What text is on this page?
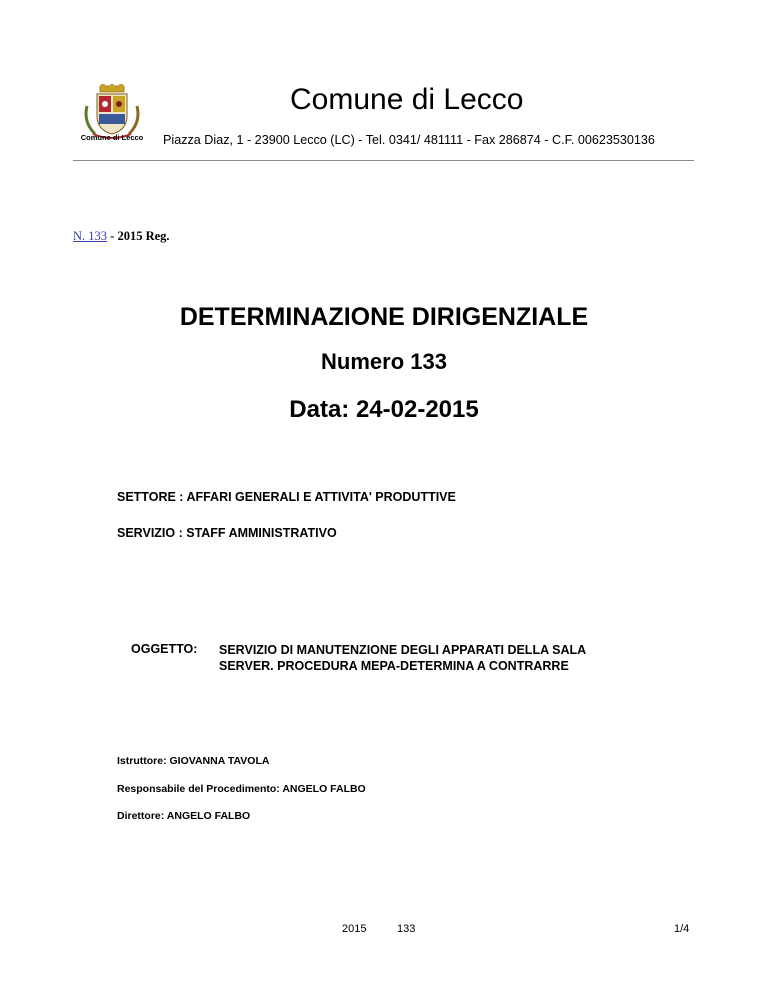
Comune di Lecco
Comune di Lecco
Piazza Diaz, 1 - 23900 Lecco (LC) - Tel. 0341/ 481111 - Fax 286874 - C.F. 00623530136
N. 133 - 2015 Reg.
DETERMINAZIONE DIRIGENZIALE
Numero 133
Data: 24-02-2015
SETTORE : AFFARI GENERALI E ATTIVITA' PRODUTTIVE
SERVIZIO : STAFF AMMINISTRATIVO
OGGETTO: SERVIZIO DI MANUTENZIONE DEGLI APPARATI DELLA SALA
SERVER. PROCEDURA MEPA-DETERMINA A CONTRARRE
Istruttore: GIOVANNA TAVOLA
Responsabile del Procedimento: ANGELO FALBO
Direttore: ANGELO FALBO
2015	133	1/4
